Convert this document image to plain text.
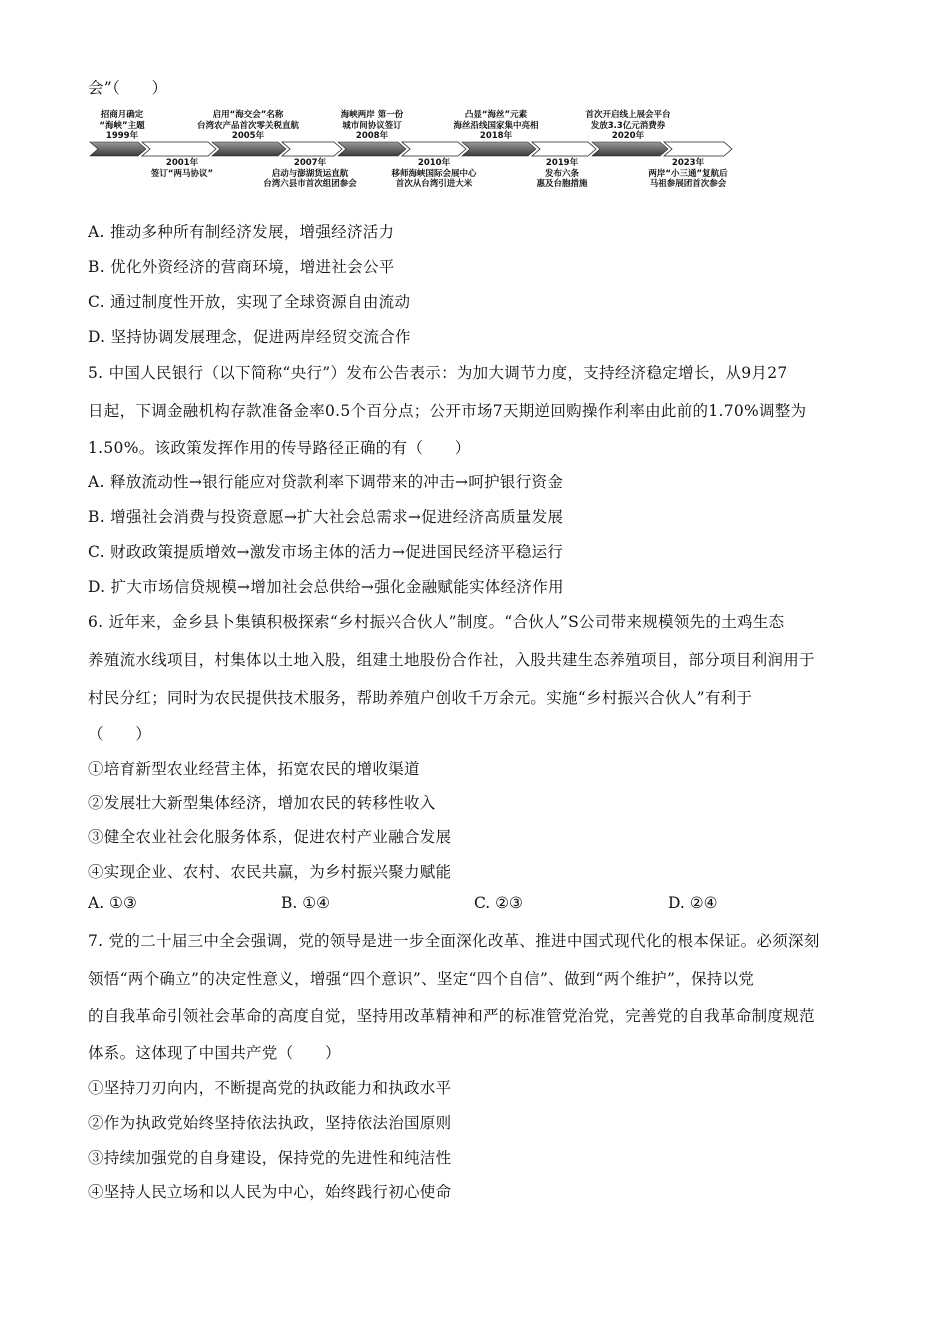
会”（　　）
招商月确定
“海峡”主题
1999年
启用“海交会”名称
台湾农产品首次零关税直航
2005年
海峡两岸 第一份
城市间协议签订
2008年
凸显“海丝”元素
海丝沿线国家集中亮相
2018年
首次开启线上展会平台
发放3.3亿元消费券
2020年
2001年
签订“两马协议”
2007年
启动与澎湖货运直航
台湾六县市首次组团参会
2010年
移师海峡国际会展中心
首次从台湾引进大米
2019年
发布六条
惠及台胞措施
2023年
两岸“小三通”复航后
马祖参展团首次参会
A. 推动多种所有制经济发展，增强经济活力
B. 优化外资经济的营商环境，增进社会公平
C. 通过制度性开放，实现了全球资源自由流动
D. 坚持协调发展理念，促进两岸经贸交流合作
5. 中国人民银行（以下简称“央行”）发布公告表示：为加大调节力度，支持经济稳定增长，从9月27
日起，下调金融机构存款准备金率0.5个百分点；公开市场7天期逆回购操作利率由此前的1.70%调整为
1.50%。该政策发挥作用的传导路径正确的有（　　）
A. 释放流动性→银行能应对贷款利率下调带来的冲击→呵护银行资金
B. 增强社会消费与投资意愿→扩大社会总需求→促进经济高质量发展
C. 财政政策提质增效→激发市场主体的活力→促进国民经济平稳运行
D. 扩大市场信贷规模→增加社会总供给→强化金融赋能实体经济作用
6. 近年来，金乡县卜集镇积极探索“乡村振兴合伙人”制度。“合伙人”S公司带来规模领先的土鸡生态
养殖流水线项目，村集体以土地入股，组建土地股份合作社，入股共建生态养殖项目，部分项目利润用于
村民分红；同时为农民提供技术服务，帮助养殖户创收千万余元。实施“乡村振兴合伙人”有利于
（　　）
①培育新型农业经营主体，拓宽农民的增收渠道
②发展壮大新型集体经济，增加农民的转移性收入
③健全农业社会化服务体系，促进农村产业融合发展
④实现企业、农村、农民共赢，为乡村振兴聚力赋能
A. ①③	B. ①④	C. ②③	D. ②④
7. 党的二十届三中全会强调，党的领导是进一步全面深化改革、推进中国式现代化的根本保证。必须深刻
领悟“两个确立”的决定性意义，增强“四个意识”、坚定“四个自信”、做到“两个维护”，保持以党
的自我革命引领社会革命的高度自觉，坚持用改革精神和严的标准管党治党，完善党的自我革命制度规范
体系。这体现了中国共产党（　　）
①坚持刀刃向内，不断提高党的执政能力和执政水平
②作为执政党始终坚持依法执政，坚持依法治国原则
③持续加强党的自身建设，保持党的先进性和纯洁性
④坚持人民立场和以人民为中心，始终践行初心使命
